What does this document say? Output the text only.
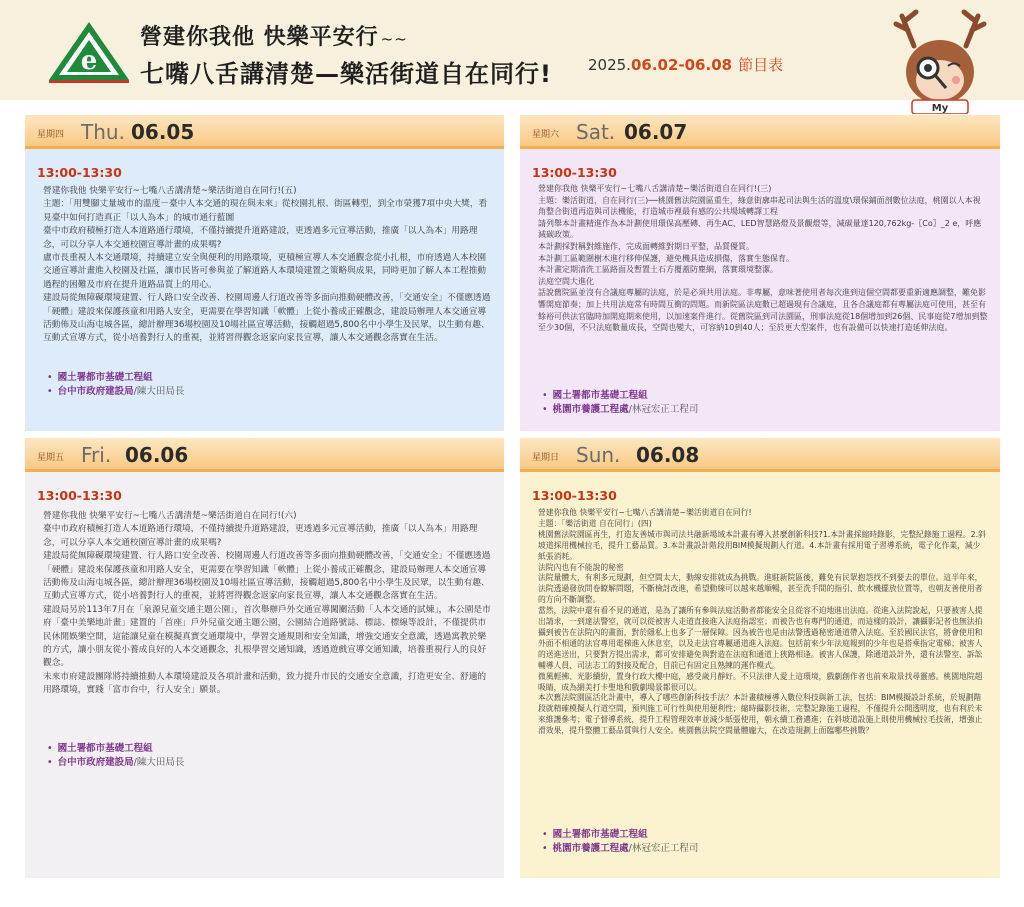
e
營建你我他 快樂平安行 ~~
七嘴八舌講清楚—樂活街道自在同行! 2025.06.02-06.08 節目表
My
星期四 Thu. 06.05
13:00-13:30

營建你我他 快樂平安行~七嘴八舌講清楚~樂活街道自在同行!(五)

主題：「用雙腳丈量城市的溫度－臺中人本交通的現在與未來」從校園扎根、街區轉型，到全市榮獲7項中央大獎，看見臺中如何打造真正「以人為本」的城市通行藍圖

臺中市政府積極打造人本道路通行環境，不僅持續提升道路建設，更透過多元宣導活動，推廣「以人為本」用路理念，可以分享人本交通校園宣導計畫的成果嗎?

盧市長重視人本交通環境，持續建立安全與便利的用路環境，更積極宣導人本交通觀念從小扎根，市府透過人本校園交通宣導計畫進入校園及社區，讓市民皆可參與並了解道路人本環境建置之策略與成果，同時更加了解人本工程推動過程的困難及市府在提升道路品質上的用心。

建設局從無障礙環境建置、行人路口安全改善、校園周邊人行道改善等多面向推動硬體改善，「交通安全」不僅應透過「硬體」建設來保護孩童和用路人安全，更需要在學習知識「軟體」上從小養成正確觀念，建設局辦理人本交通宣導活動佈及山海屯城各區，總計辦理36場校園及10場社區宣導活動，接觸超過5,800名中小學生及民眾，以生動有趣、互動式宣導方式，從小培養對行人的重視，並將習得觀念返家向家長宣導，讓人本交通觀念落實在生活。

• 國土署都市基礎工程組
• 台中市政府建設局/陳大田局長
星期六 Sat. 06.07
13:00-13:30

營建你我他 快樂平安行~七嘴八舌講清楚~樂活街道自在同行!(三)

主題：樂活街道，自在同行(三)──桃園舊法院園區重生，綠意街廓串起司法與生活的溫度\環保鋪面剖數位法庭，桃園以人本視角整合街道再造與司法機能，打造城市裡最有感的公共場域轉譯工程

請列舉本計畫精進作為本計劃使用環保高壓磚、再生AC、LED智慧路燈及景觀燈等，減碳量達120,762kg-〖Co〗_2 e，呼應減碳政策。

本計劃採對稱對維施作，完成面轉維對期日平整，品質優質。

本計劃工區範圍樹木進行移伸保護，避免機具造成損傷，落實生態保育。

本計畫定期清洗工區路面及暫置土石方覆蓋防塵網，落實環境整潔。

法庭空間大進化

話說舊院區並沒有合議庭專屬的法庭，於是必須共用法庭。非專屬，意味著使用者每次進到這個空間都要重新適應調整，難免影響開庭節奏；加上共用法庭常有時間互衝的問題。而新院區法庭數已超過現有合議庭，且各合議庭都有專屬法庭可使用，甚至有餘裕可供法官臨時加開庭期來使用，以加速案件進行。從舊院區到司法園區，刑事法庭從18個增加到26個、民事庭從7增加到整至少30個，不只法庭數量成長，空間也變大，可容納10到40人；至於更大型案件，也有設備可以快速打造延伸法庭。

• 國土署都市基礎工程組
• 桃園市養護工程處/林冠宏正工程司
星期五 Fri. 06.06
13:00-13:30

營建你我他 快樂平安行~七嘴八舌講清楚~樂活街道自在同行!(六)

臺中市政府積極打造人本道路通行環境，不僅持續提升道路建設，更透過多元宣導活動，推廣「以人為本」用路理念，可以分享人本交通校園宣導計畫的成果嗎?

建設局從無障礙環境建置、行人路口安全改善、校園周邊人行道改善等多面向推動硬體改善，「交通安全」不僅應透過「硬體」建設來保護孩童和用路人安全，更需要在學習知識「軟體」上從小養成正確觀念，建設局辦理人本交通宣導活動佈及山海屯城各區，總計辦理36場校園及10場社區宣導活動，接觸超過5,800名中小學生及民眾，以生動有趣、互動式宣導方式，從小培養對行人的重視，並將習得觀念返家向家長宣導，讓人本交通觀念落實在生活。

建設局另於113年7月在「泉源兒童交通主題公園」，首次舉辦戶外交通宣導闖關活動「人本交通的試煉」，本公園是市府「臺中美樂地計畫」建置的「首座」戶外兒童交通主題公園，公園結合道路號誌、標誌、標線等設計，不僅提供市民休閒娛樂空間，這能讓兒童在模擬真實交通環境中，學習交通規則和安全知識，增強交通安全意識，透過寓教於樂的方式，讓小朋友從小養成良好的人本交通觀念，扎根學習交通知識，透過遊戲宣導交通知識，培養重視行人的良好觀念。

未來市府建設團隊將持續推動人本環境建設及各項計畫和活動，致力提升市民的交通安全意識，打造更安全、舒適的用路環境，實踐「富市台中，行人安全」願景。

• 國土署都市基礎工程組
• 台中市政府建設局/陳大田局長
星期日 Sun. 06.08
13:00-13:30

營建你我他 快樂平安行~七嘴八舌講清楚~樂活街道自在同行!

主題：「樂活街道 自在同行」(四)

桃園舊法院園區再生，打造友善城市與司法共融新場域本計畫有導入甚麼創新科技?1.本計畫採縮時錄影，完整紀錄施工過程。2.斜坡道採用機械拉毛，提升工藝品質。3.本計畫設計階段用BIM模擬規劃人行道。4.本計畫有採用電子習導系統，電子化作業，減少紙張消耗。

法院內也有不能說的秘密

法院量體大，有利多元規劃，但空間太大，動線安排就成為挑戰。進駐新院區後，難免有民眾抱怨找不到要去的單位。這半年來，法院透過發放問卷瞭解問題，不斷檢討改進，希望動線可以越來越順暢，甚至洗手間的指引、飲水機擺放位置等，也朝友善使用者的方向不斷調整。

當然，法院中還有看不見的通道，是為了讓所有參與法庭活動者都能安全且從容不迫地進出法庭。從進入法院說起，只要被害人提出請求，一到達法警室，就可以從被害人走道直接進入法庭指認室；而被告也有專門的通道，而這樣的設計，讓攝影記者也無法拍攝到被告在法院內的畫面，對於隱私上也多了一層保障。因為被告也是由法警透過秘密通道帶入法庭。至於國民法官，將會使用和外面不相通的法官專用電梯進入休息室，以及走法官專屬通道進入法庭。包括前來少年法庭報到的少年也是搭乘指定電梯；被害人的送進送出，只要對方提出需求，都可安排避免與對造在法庭和通道上狹路相逢。被害人保護，除通道設計外，還有法警室、訴訟輔導人員、司法志工的對接及配合，目前已有固定且熟練的運作模式。

微風輕拂、光影續紛，置身行政大樓中庭，感受歲月靜好。不只法律人愛上這環境，戲劇創作者也前來取景找尋靈感。桃園地院超吸睛，成為網美打卡聖地和戲劇場景都很可以。

本次舊法院園區活化計畫中，導入了哪些創新科技手法？本計畫積極導入數位科技與新工法，包括：BIM模擬設計系統，於規劃階段就精確模擬人行道空間，預判施工可行性與使用便利性；縮時攝影技術，完整記錄施工過程，不僅提升公開透明度，也有利於未來維護參考；電子督導系統，提升工程管理效率並減少紙張使用，朝永續工務邁進；在斜坡道設施上則使用機械拉毛技術，增強止滑效果，提升整體工藝品質與行人安全。桃園舊法院空間量體龐大，在改造規劃上面臨哪些挑戰？

• 國土署都市基礎工程組
• 桃園市養護工程處/林冠宏正工程司
